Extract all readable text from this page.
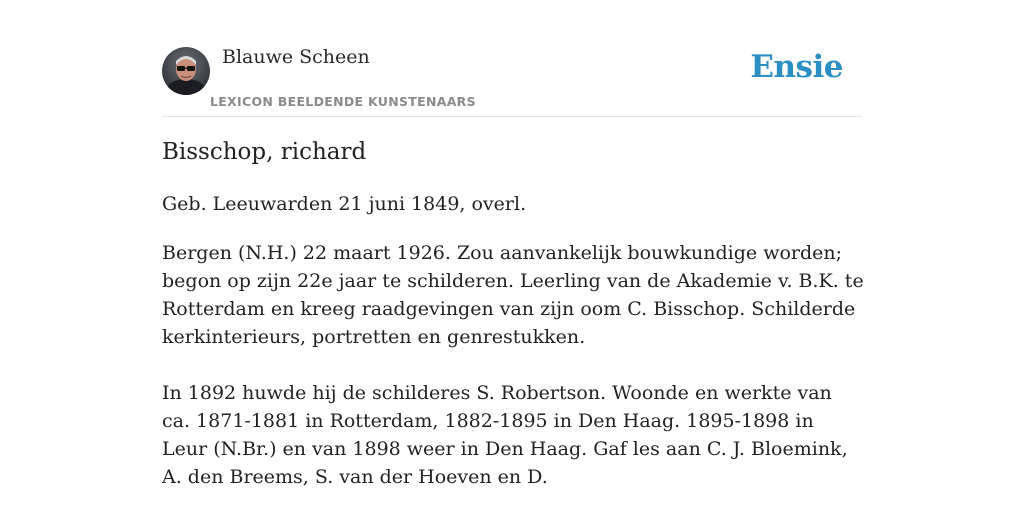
Blauwe Scheen
LEXICON BEELDENDE KUNSTENAARS
Ensie
Bisschop, richard
Geb. Leeuwarden 21 juni 1849, overl.

Bergen (N.H.) 22 maart 1926. Zou aanvankelijk bouwkundige worden; begon op zijn 22e jaar te schilderen. Leerling van de Akademie v. B.K. te Rotterdam en kreeg raadgevingen van zijn oom C. Bisschop. Schilderde kerkinterieurs, portretten en genrestukken.

In 1892 huwde hij de schilderes S. Robertson. Woonde en werkte van ca. 1871-1881 in Rotterdam, 1882-1895 in Den Haag. 1895-1898 in Leur (N.Br.) en van 1898 weer in Den Haag. Gaf les aan C. J. Bloemink, A. den Breems, S. van der Hoeven en D.
